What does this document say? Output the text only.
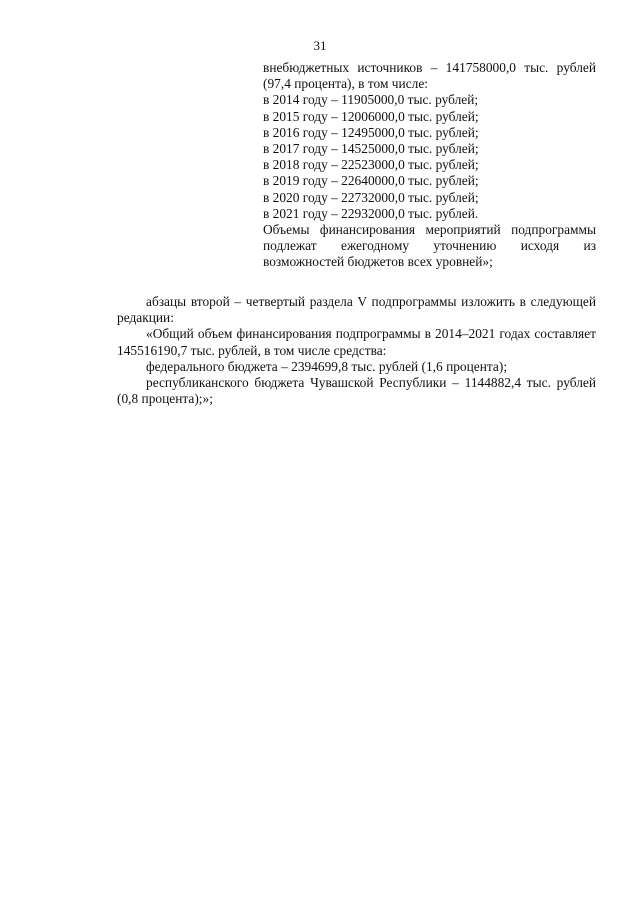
31
внебюджетных источников – 141758000,0 тыс. рублей
(97,4 процента), в том числе:
в 2014 году – 11905000,0 тыс. рублей;
в 2015 году – 12006000,0 тыс. рублей;
в 2016 году – 12495000,0 тыс. рублей;
в 2017 году – 14525000,0 тыс. рублей;
в 2018 году – 22523000,0 тыс. рублей;
в 2019 году – 22640000,0 тыс. рублей;
в 2020 году – 22732000,0 тыс. рублей;
в 2021 году – 22932000,0 тыс. рублей.
Объемы финансирования мероприятий подпрограммы подлежат ежегодному уточнению исходя из возможностей бюджетов всех уровней»;

абзацы второй – четвертый раздела V подпрограммы изложить в следующей редакции:

«Общий объем финансирования подпрограммы в 2014–2021 годах составляет 145516190,7 тыс. рублей, в том числе средства:

федерального бюджета – 2394699,8 тыс. рублей (1,6 процента);

республиканского бюджета Чувашской Республики – 1144882,4 тыс. рублей (0,8 процента);»;
